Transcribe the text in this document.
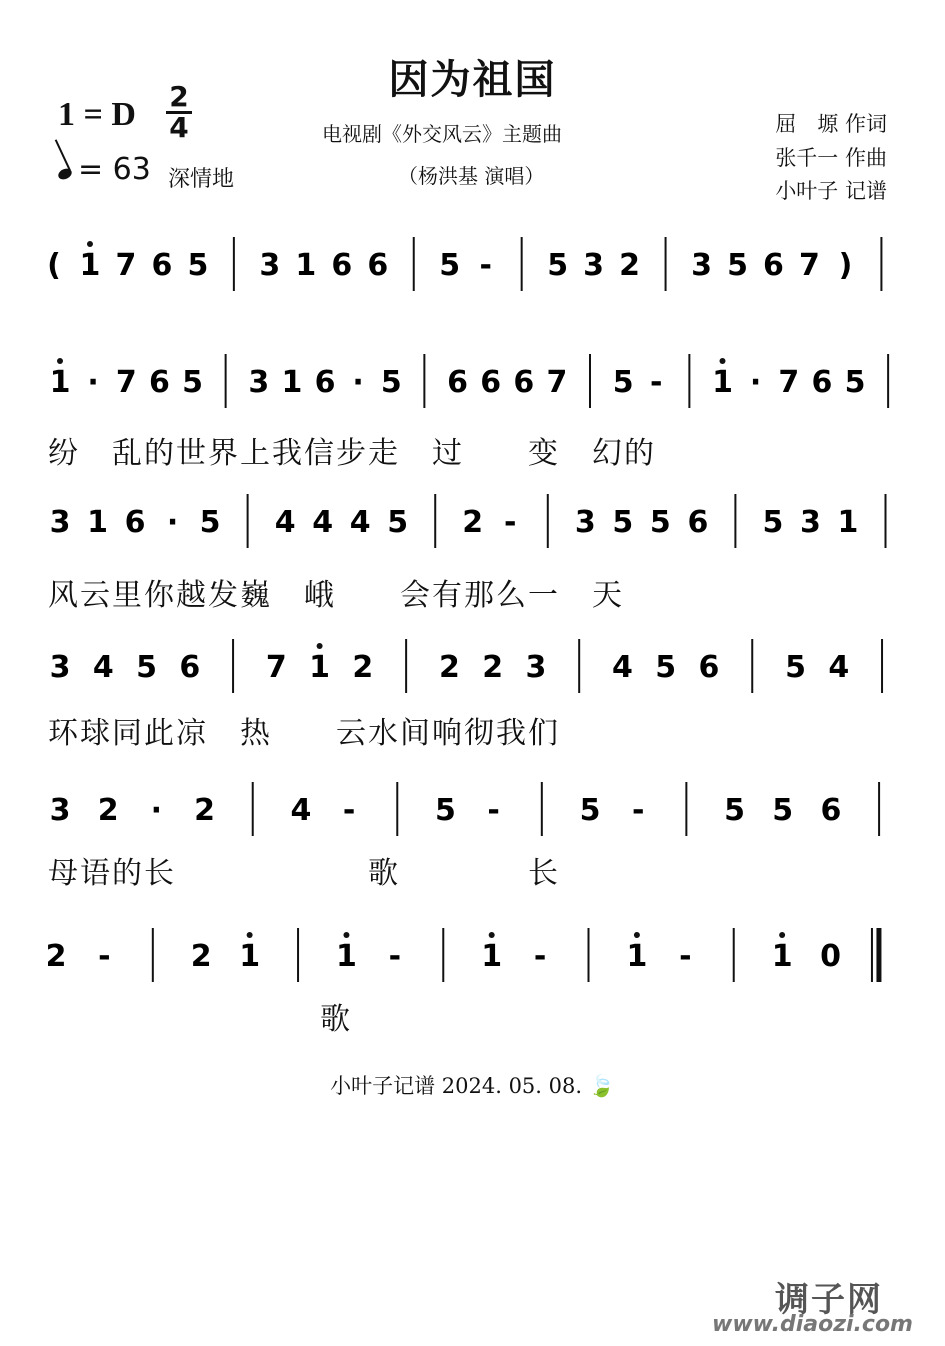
因为祖国
1 = D 2
4
= 63 深情地
电视剧《外交风云》主题曲
（杨洪基 演唱）
屈　塬 作词
张千一 作曲
小叶子 记谱
( 1 7 6 5 3 1 6 6 5 - 5 3 2 3 5 6 7 )
1 · 7 6 5 3 1 6 · 5 6 6 6 7 5 - 1 · 7 6 5
3 1 6 · 5 4 4 4 5 2 - 3 5 5 6 5 3 1
3 4 5 6 7 1 2 2 2 3 4 5 6 5 4
3 2 · 2	4 -	5 -	5 -	5 5 6
2 -	2 1	1 -	1 -	1 -	1 0
纷　乱的世界上我信步走　过　　变　幻的
风云里你越发巍　峨　　会有那么一　天
环球同此凉　热　　云水间响彻我们
母语的长　　　　　　歌　　　　长
歌
小叶子记谱 2024. 05. 08. 🍃
调子网
www.diaozi.com
